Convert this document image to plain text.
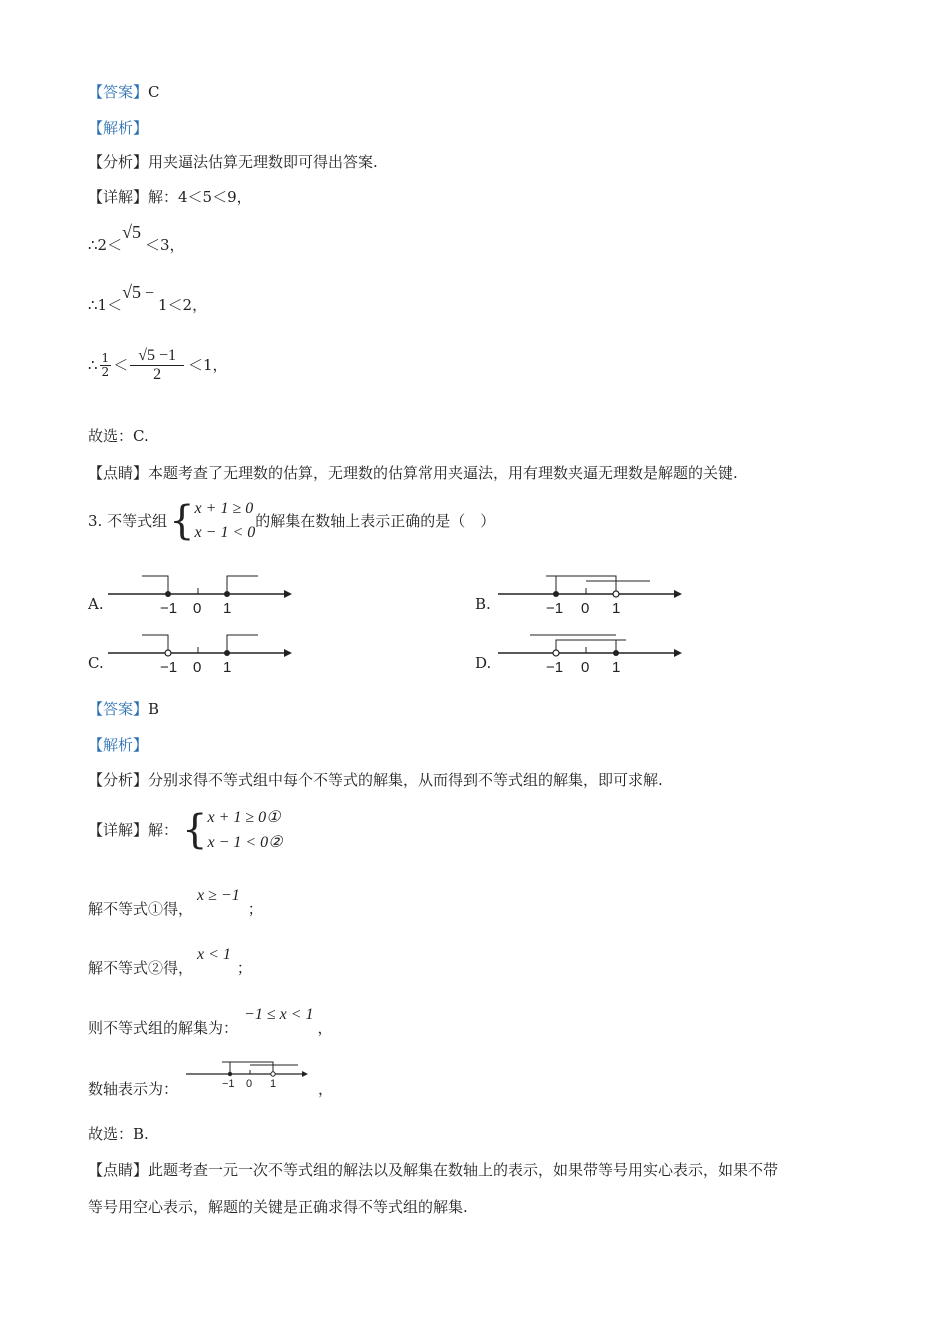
【答案】C
【解析】
【分析】用夹逼法估算无理数即可得出答案.
【详解】解：4＜5＜9，
∴2＜√5＜3，
∴1＜√5 −1＜2，
∴ $\frac{1}{2} < \frac{√5 -1}{2} <1$，
故选：C.
【点睛】本题考查了无理数的估算，无理数的估算常用夹逼法，用有理数夹逼无理数是解题的关键.
3. 不等式组 { x + 1 ≥ 0
x − 1 < 0
的解集在数轴上表示正确的是（　）
A.	−1 0 1	B.	−1 0 1
C.	−1 0 1	D.	−1 0 1
【答案】B
【解析】
【分析】分别求得不等式组中每个不等式的解集，从而得到不等式组的解集，即可求解.
【详解】 解： { x + 1 ≥ 0①
x − 1 < 0②
解不等式①得，x ≥ −1；
解不等式②得，x < 1；
则不等式组的解集为：−1 ≤ x < 1，
数轴表示为：	−1 0 1	，
故选：B.
【点睛】此题考查一元一次不等式组的解法以及解集在数轴上的表示，如果带等号用实心表示，如果不带
等号用空心表示，解题的关键是正确求得不等式组的解集.
